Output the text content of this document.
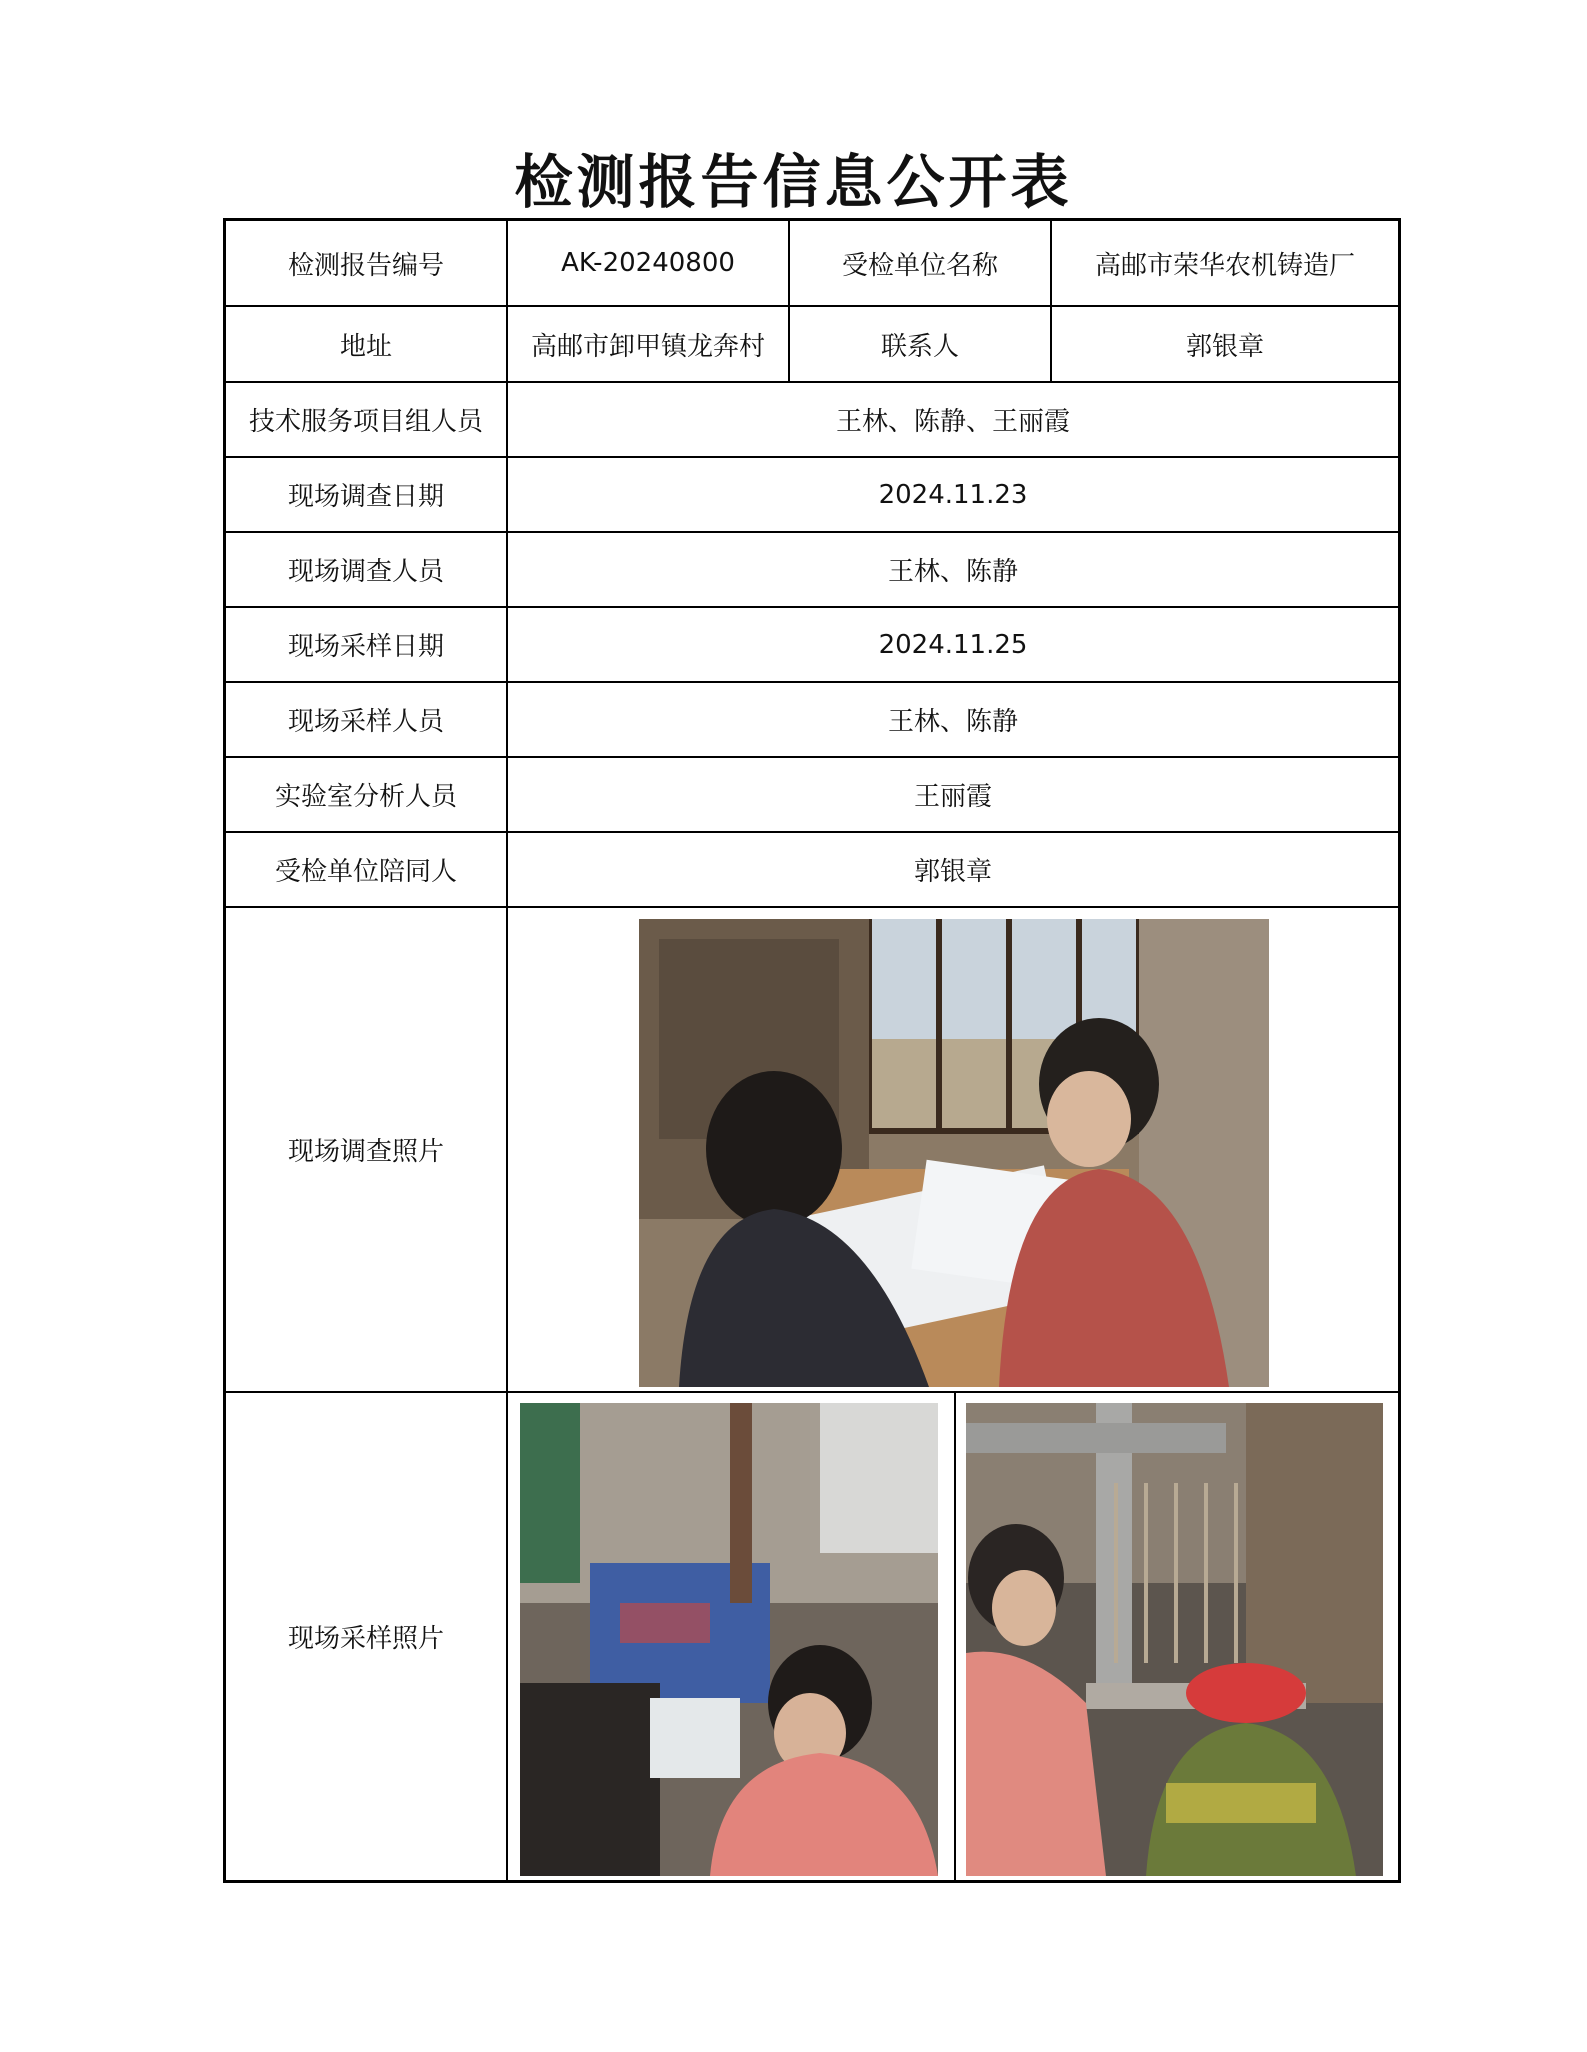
检测报告信息公开表
检测报告编号	AK-20240800	受检单位名称	高邮市荣华农机铸造厂
地址	高邮市卸甲镇龙奔村	联系人	郭银章
技术服务项目组人员	王林、陈静、王丽霞
现场调查日期	2024.11.23
现场调查人员	王林、陈静
现场采样日期	2024.11.25
现场采样人员	王林、陈静
实验室分析人员	王丽霞
受检单位陪同人	郭银章
现场调查照片
现场采样照片
